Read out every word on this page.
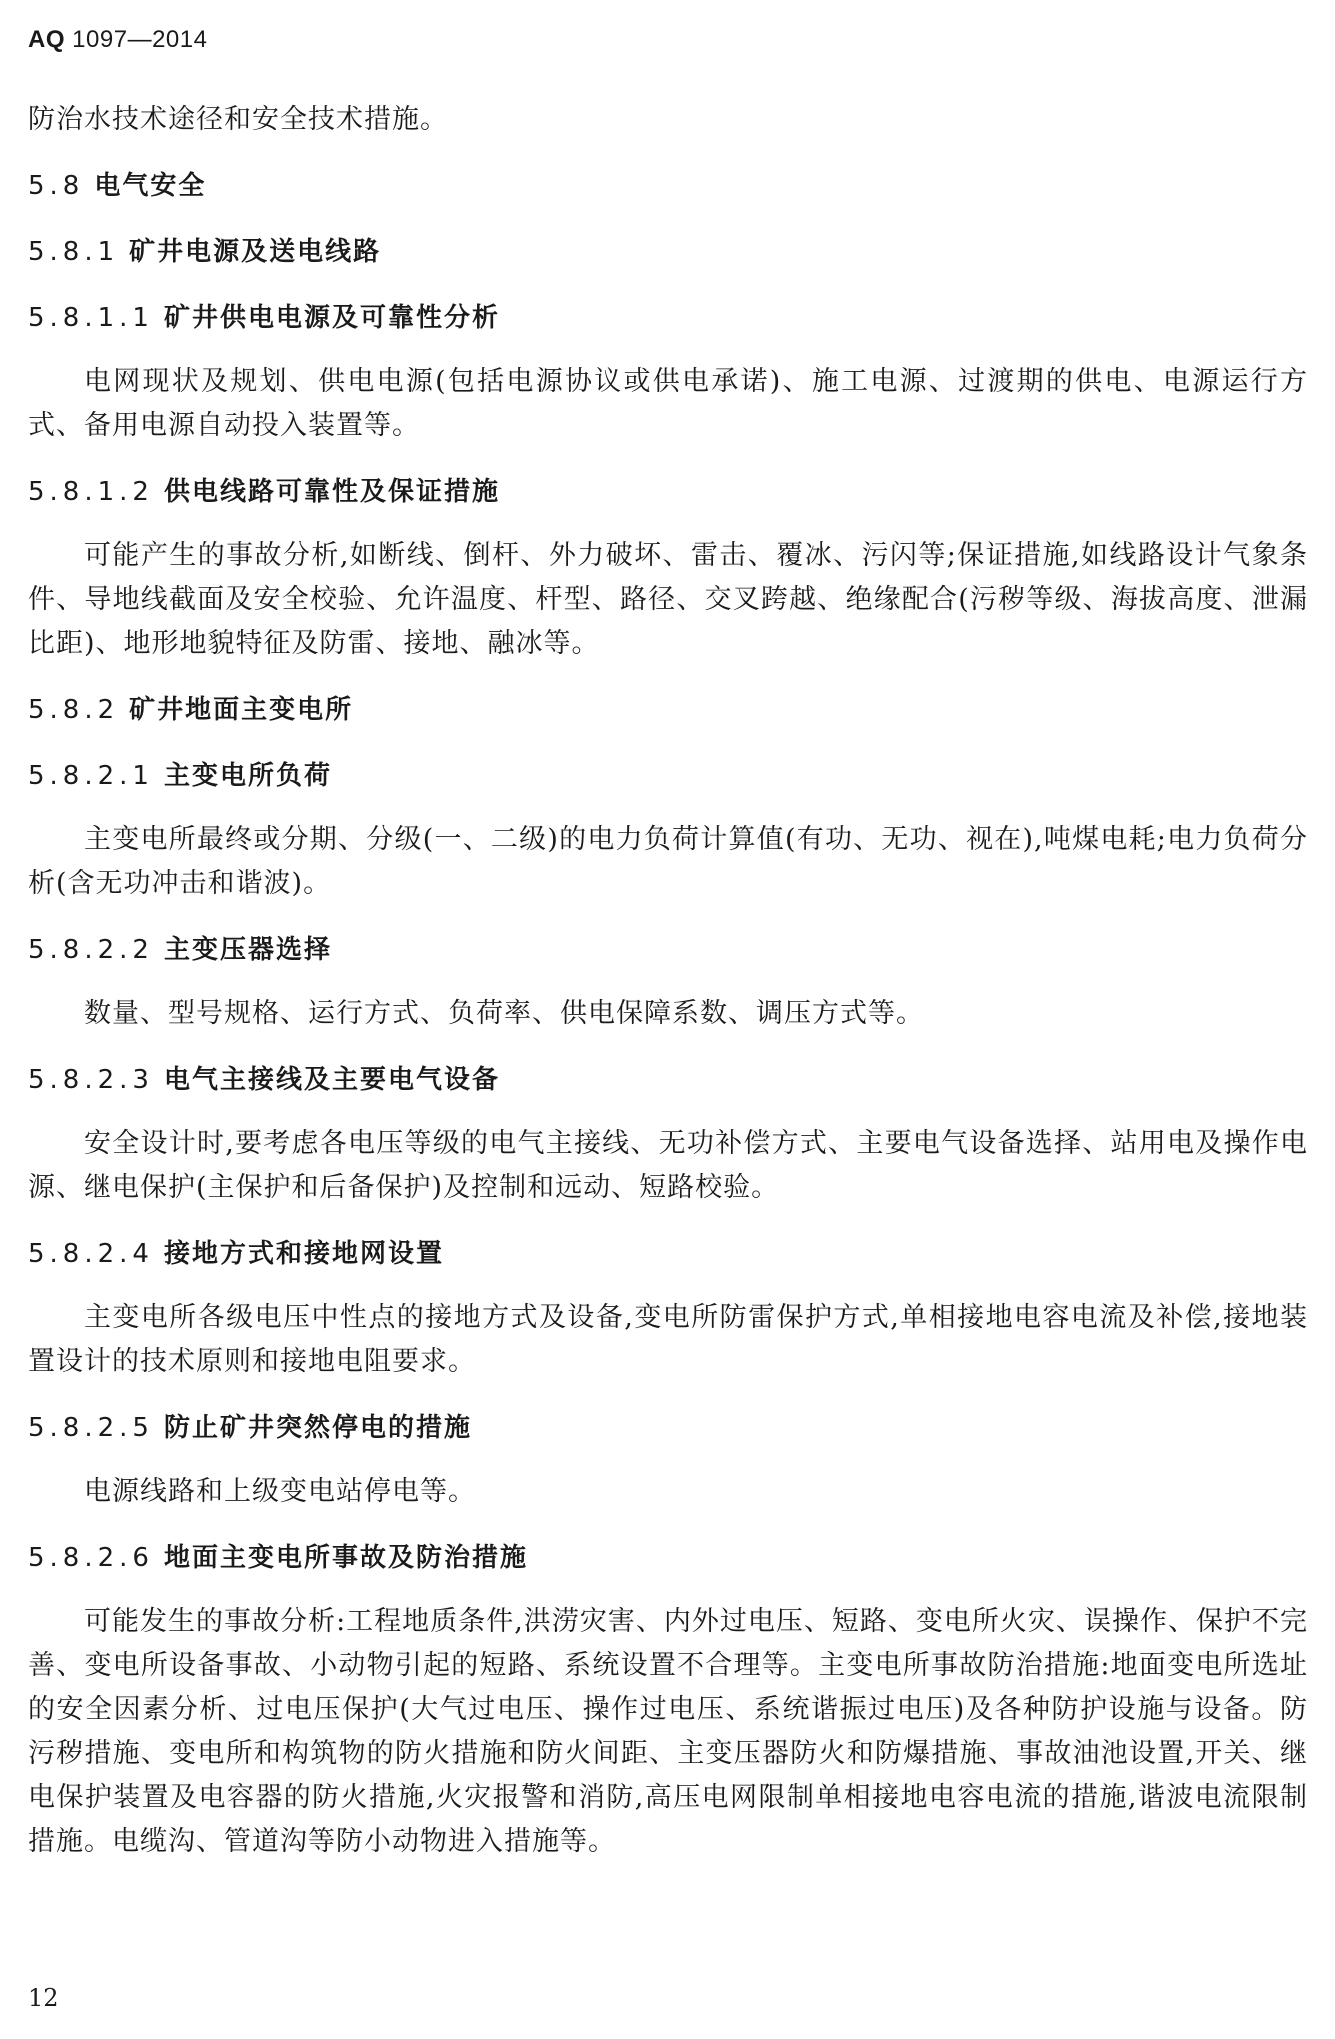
AQ 1097—2014

防治水技术途径和安全技术措施。

5.8 电气安全
5.8.1 矿井电源及送电线路
5.8.1.1 矿井供电电源及可靠性分析

电网现状及规划、供电电源(包括电源协议或供电承诺)、施工电源、过渡期的供电、电源运行方式、备用电源自动投入装置等。

5.8.1.2 供电线路可靠性及保证措施

可能产生的事故分析,如断线、倒杆、外力破坏、雷击、覆冰、污闪等;保证措施,如线路设计气象条件、导地线截面及安全校验、允许温度、杆型、路径、交叉跨越、绝缘配合(污秽等级、海拔高度、泄漏比距)、地形地貌特征及防雷、接地、融冰等。

5.8.2 矿井地面主变电所
5.8.2.1 主变电所负荷

主变电所最终或分期、分级(一、二级)的电力负荷计算值(有功、无功、视在),吨煤电耗;电力负荷分析(含无功冲击和谐波)。

5.8.2.2 主变压器选择

数量、型号规格、运行方式、负荷率、供电保障系数、调压方式等。

5.8.2.3 电气主接线及主要电气设备

安全设计时,要考虑各电压等级的电气主接线、无功补偿方式、主要电气设备选择、站用电及操作电源、继电保护(主保护和后备保护)及控制和远动、短路校验。

5.8.2.4 接地方式和接地网设置

主变电所各级电压中性点的接地方式及设备,变电所防雷保护方式,单相接地电容电流及补偿,接地装置设计的技术原则和接地电阻要求。

5.8.2.5 防止矿井突然停电的措施

电源线路和上级变电站停电等。

5.8.2.6 地面主变电所事故及防治措施

可能发生的事故分析:工程地质条件,洪涝灾害、内外过电压、短路、变电所火灾、误操作、保护不完善、变电所设备事故、小动物引起的短路、系统设置不合理等。主变电所事故防治措施:地面变电所选址的安全因素分析、过电压保护(大气过电压、操作过电压、系统谐振过电压)及各种防护设施与设备。防污秽措施、变电所和构筑物的防火措施和防火间距、主变压器防火和防爆措施、事故油池设置,开关、继电保护装置及电容器的防火措施,火灾报警和消防,高压电网限制单相接地电容电流的措施,谐波电流限制措施。电缆沟、管道沟等防小动物进入措施等。

12
